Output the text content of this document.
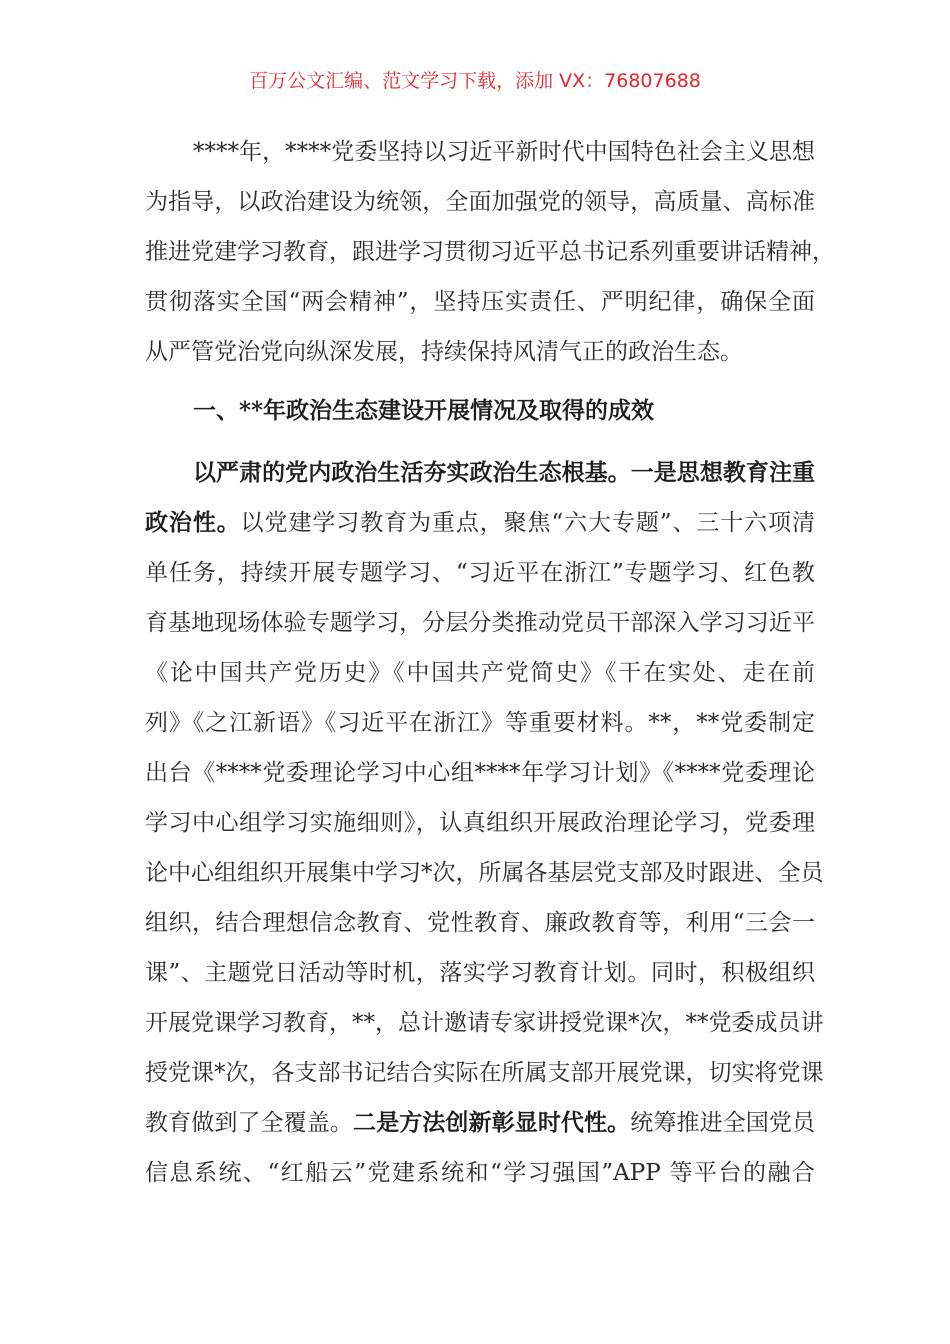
百万公文汇编、范文学习下载，添加 VX：76807688
****年，****党委坚持以习近平新时代中国特色社会主义思想
为指导，以政治建设为统领，全面加强党的领导，高质量、高标准
推进党建学习教育，跟进学习贯彻习近平总书记系列重要讲话精神，
贯彻落实全国“两会精神”，坚持压实责任、严明纪律，确保全面
从严管党治党向纵深发展，持续保持风清气正的政治生态。
一、**年政治生态建设开展情况及取得的成效
以严肃的党内政治生活夯实政治生态根基。一是思想教育注重
政治性。以党建学习教育为重点，聚焦“六大专题”、三十六项清
单任务，持续开展专题学习、“习近平在浙江”专题学习、红色教
育基地现场体验专题学习，分层分类推动党员干部深入学习习近平
《论中国共产党历史》《中国共产党简史》《干在实处、走在前
列》《之江新语》《习近平在浙江》等重要材料。**，**党委制定
出台《****党委理论学习中心组****年学习计划》《****党委理论
学习中心组学习实施细则》，认真组织开展政治理论学习，党委理
论中心组组织开展集中学习*次，所属各基层党支部及时跟进、全员
组织，结合理想信念教育、党性教育、廉政教育等，利用“三会一
课”、主题党日活动等时机，落实学习教育计划。同时，积极组织
开展党课学习教育，**，总计邀请专家讲授党课*次，**党委成员讲
授党课*次，各支部书记结合实际在所属支部开展党课，切实将党课
教育做到了全覆盖。二是方法创新彰显时代性。统筹推进全国党员
信息系统、“红船云”党建系统和“学习强国”APP 等平台的融合
